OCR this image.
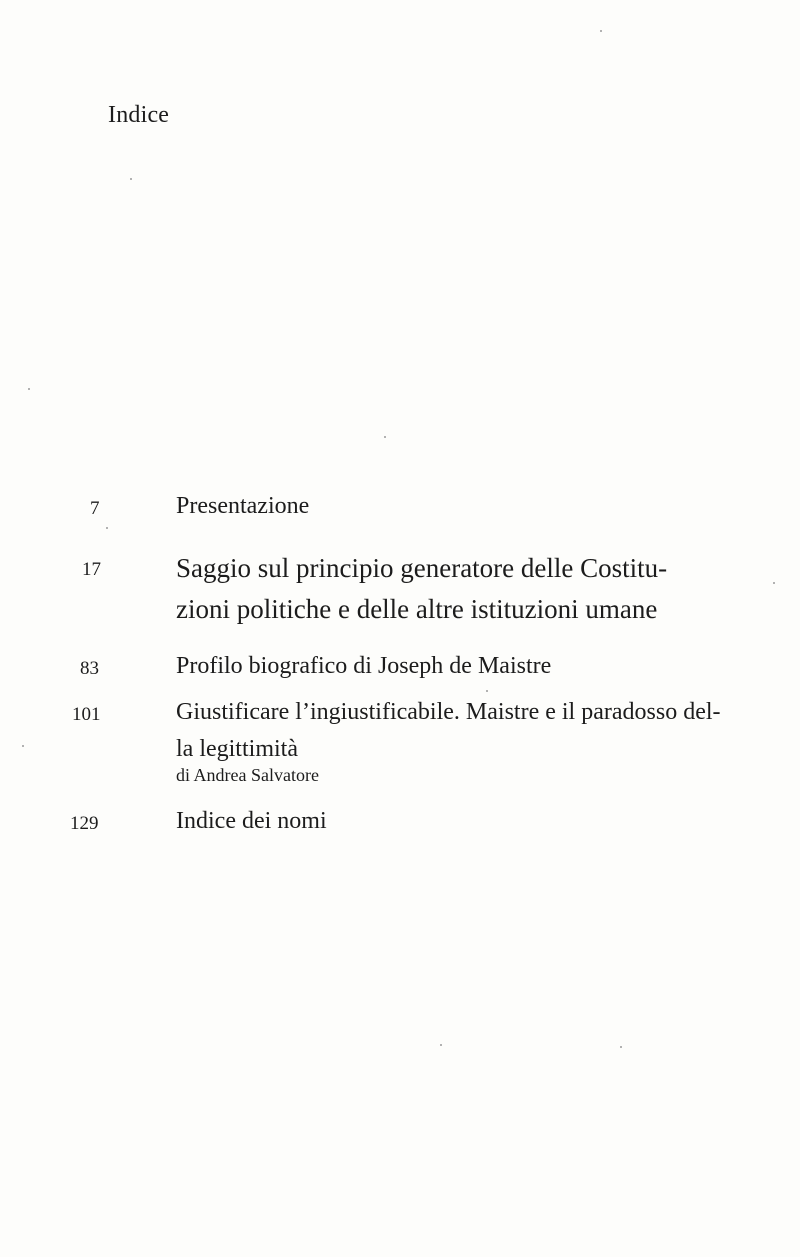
Indice
7	Presentazione
17	Saggio sul principio generatore delle Costitu-
zioni politiche e delle altre istituzioni umane
83	Profilo biografico di Joseph de Maistre
101	Giustificare l’ingiustificabile. Maistre e il paradosso del-
la legittimità
di Andrea Salvatore
129	Indice dei nomi
